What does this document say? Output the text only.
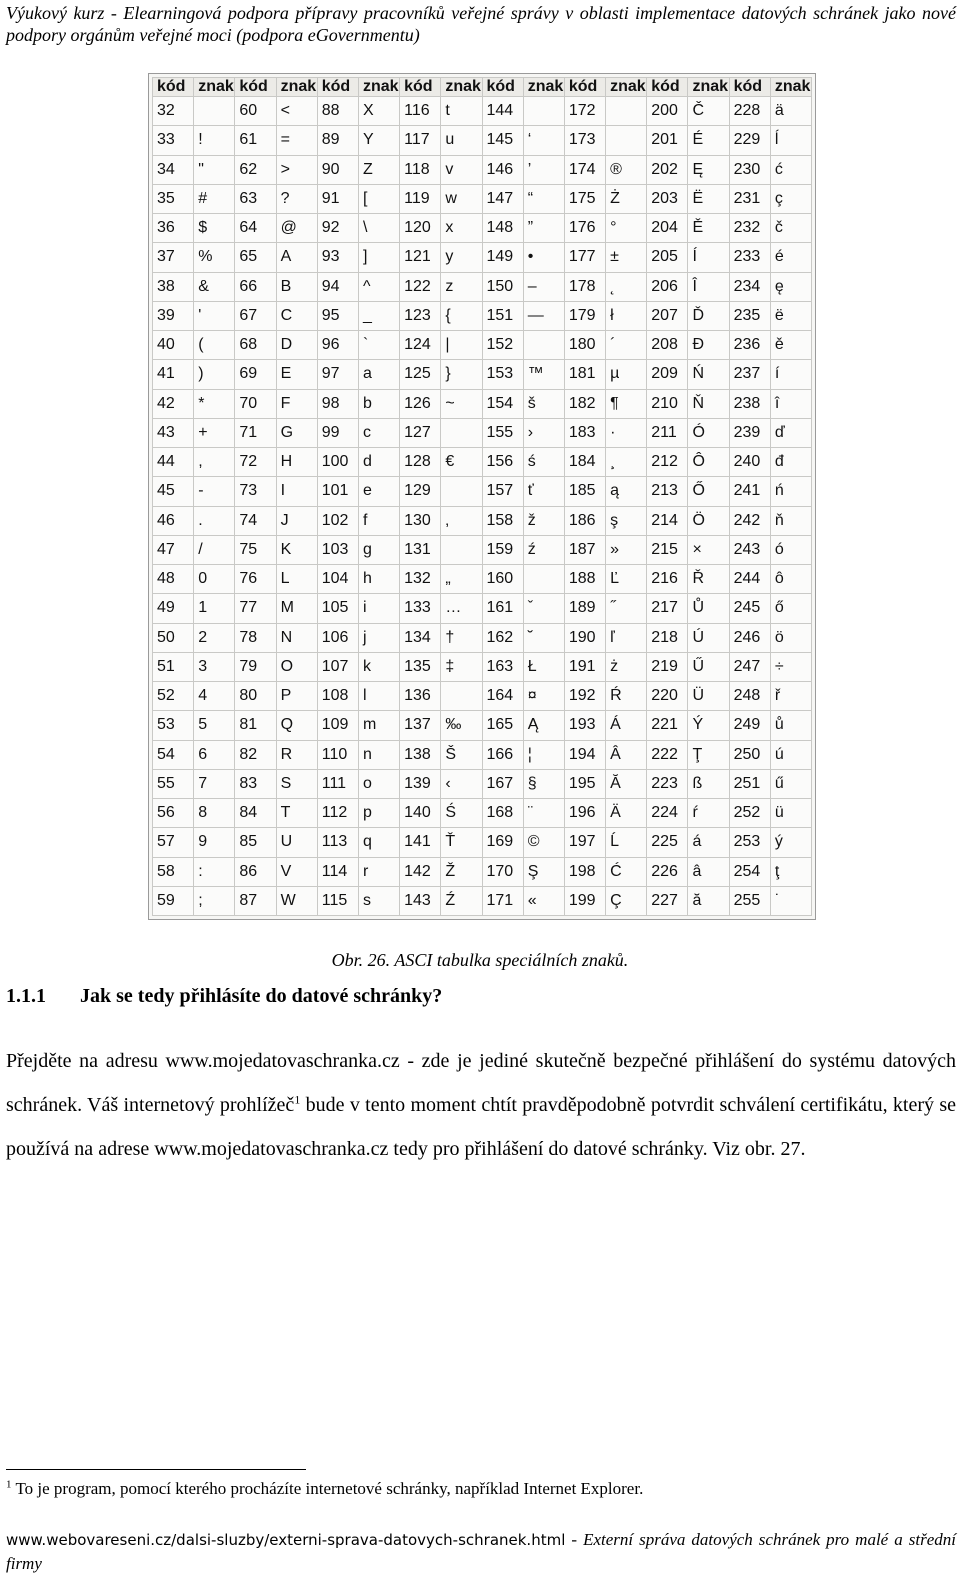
Výukový kurz - Elearningová podpora přípravy pracovníků veřejné správy v oblasti implementace datových schránek jako nové podpory orgánům veřejné moci (podpora eGovernmentu)
kód	znak	kód	znak	kód	znak	kód	znak	kód	znak	kód	znak	kód	znak	kód	znak
32		60	<	88	X	116	t	144		172		200	Č	228	ä
33	!	61	=	89	Y	117	u	145	‘	173		201	É	229	ĺ
34	"	62	>	90	Z	118	v	146	’	174	®	202	Ę	230	ć
35	#	63	?	91	[	119	w	147	“	175	Ż	203	Ë	231	ç
36	$	64	@	92	\	120	x	148	”	176	°	204	Ě	232	č
37	%	65	A	93	]	121	y	149	•	177	±	205	Í	233	é
38	&	66	B	94	^	122	z	150	–	178	˛	206	Î	234	ę
39	'	67	C	95	_	123	{	151	—	179	ł	207	Ď	235	ë
40	(	68	D	96	`	124	|	152		180	´	208	Đ	236	ě
41	)	69	E	97	a	125	}	153	™	181	µ	209	Ń	237	í
42	*	70	F	98	b	126	~	154	š	182	¶	210	Ň	238	î
43	+	71	G	99	c	127		155	›	183	·	211	Ó	239	ď
44	,	72	H	100	d	128	€	156	ś	184	¸	212	Ô	240	đ
45	-	73	I	101	e	129		157	ť	185	ą	213	Ő	241	ń
46	.	74	J	102	f	130	‚	158	ž	186	ş	214	Ö	242	ň
47	/	75	K	103	g	131		159	ź	187	»	215	×	243	ó
48	0	76	L	104	h	132	„	160		188	Ľ	216	Ř	244	ô
49	1	77	M	105	i	133	…	161	ˇ	189	˝	217	Ů	245	ő
50	2	78	N	106	j	134	†	162	˘	190	ľ	218	Ú	246	ö
51	3	79	O	107	k	135	‡	163	Ł	191	ż	219	Ű	247	÷
52	4	80	P	108	l	136		164	¤	192	Ŕ	220	Ü	248	ř
53	5	81	Q	109	m	137	‰	165	Ą	193	Á	221	Ý	249	ů
54	6	82	R	110	n	138	Š	166	¦	194	Â	222	Ţ	250	ú
55	7	83	S	111	o	139	‹	167	§	195	Ă	223	ß	251	ű
56	8	84	T	112	p	140	Ś	168	¨	196	Ä	224	ŕ	252	ü
57	9	85	U	113	q	141	Ť	169	©	197	Ĺ	225	á	253	ý
58	:	86	V	114	r	142	Ž	170	Ş	198	Ć	226	â	254	ţ
59	;	87	W	115	s	143	Ź	171	«	199	Ç	227	ă	255	˙
Obr. 26. ASCI tabulka speciálních znaků.
1.1.1 Jak se tedy přihlásíte do datové schránky?
Přejděte na adresu www.mojedatovaschranka.cz - zde je jediné skutečně bezpečné přihlášení do systému datových schránek. Váš internetový prohlížeč$^1$ bude v tento moment chtít pravděpodobně potvrdit schválení certifikátu, který se používá na adrese www.mojedatovaschranka.cz tedy pro přihlášení do datové schránky. Viz obr. 27.
$^1$ To je program, pomocí kterého procházíte internetové schránky, například Internet Explorer.
www.webovareseni.cz/dalsi-sluzby/externi-sprava-datovych-schranek.html - Externí správa datových schránek pro malé a střední firmy
